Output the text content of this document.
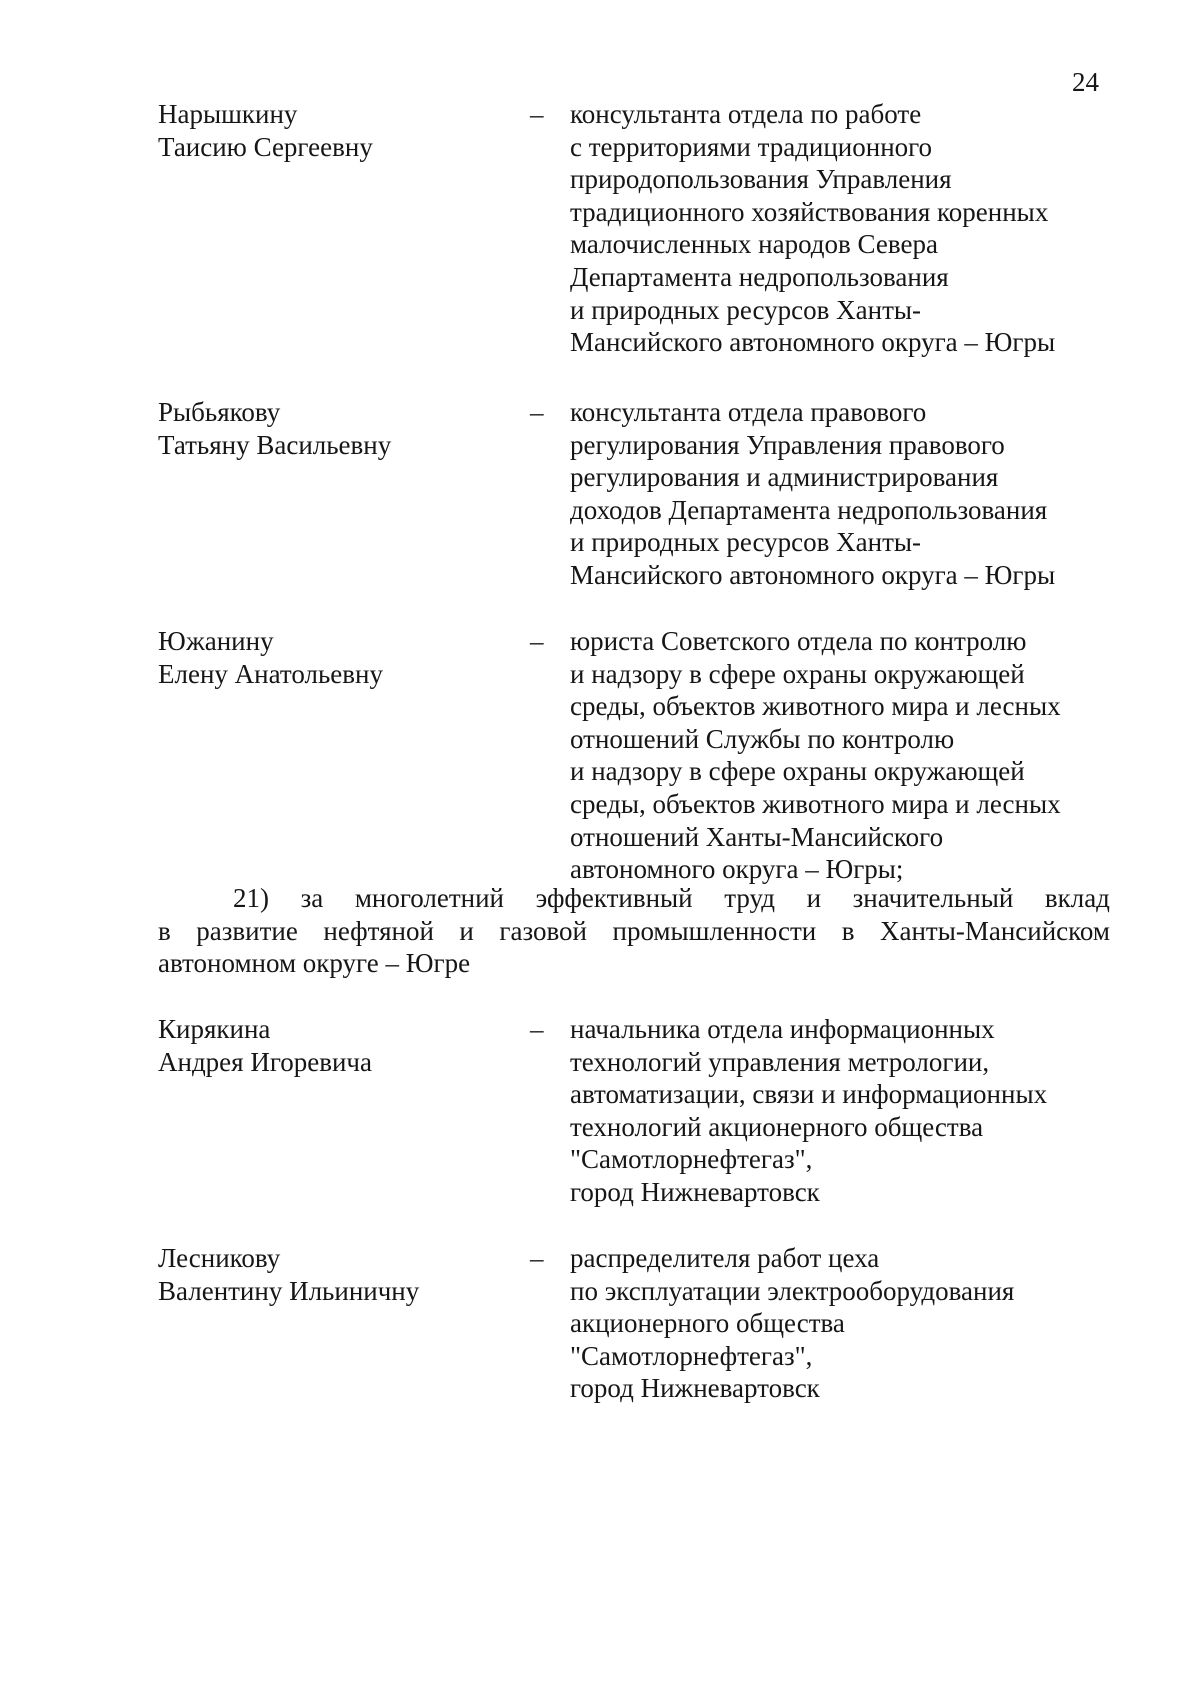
24
Нарышкину
Таисию Сергеевну
– консультанта отдела по работе
с территориями традиционного
природопользования Управления
традиционного хозяйствования коренных
малочисленных народов Севера
Департамента недропользования
и природных ресурсов Ханты-
Мансийского автономного округа – Югры
Рыбьякову
Татьяну Васильевну
– консультанта отдела правового
регулирования Управления правового
регулирования и администрирования
доходов Департамента недропользования
и природных ресурсов Ханты-
Мансийского автономного округа – Югры
Южанину
Елену Анатольевну
– юриста Советского отдела по контролю
и надзору в сфере охраны окружающей
среды, объектов животного мира и лесных
отношений Службы по контролю
и надзору в сфере охраны окружающей
среды, объектов животного мира и лесных
отношений Ханты-Мансийского
автономного округа – Югры;
21) за многолетний эффективный труд и значительный вклад
в развитие нефтяной и газовой промышленности в Ханты-Мансийском
автономном округе – Югре
Кирякина
Андрея Игоревича
– начальника отдела информационных
технологий управления метрологии,
автоматизации, связи и информационных
технологий акционерного общества
"Самотлорнефтегаз",
город Нижневартовск
Лесникову
Валентину Ильиничну
– распределителя работ цеха
по эксплуатации электрооборудования
акционерного общества
"Самотлорнефтегаз",
город Нижневартовск
